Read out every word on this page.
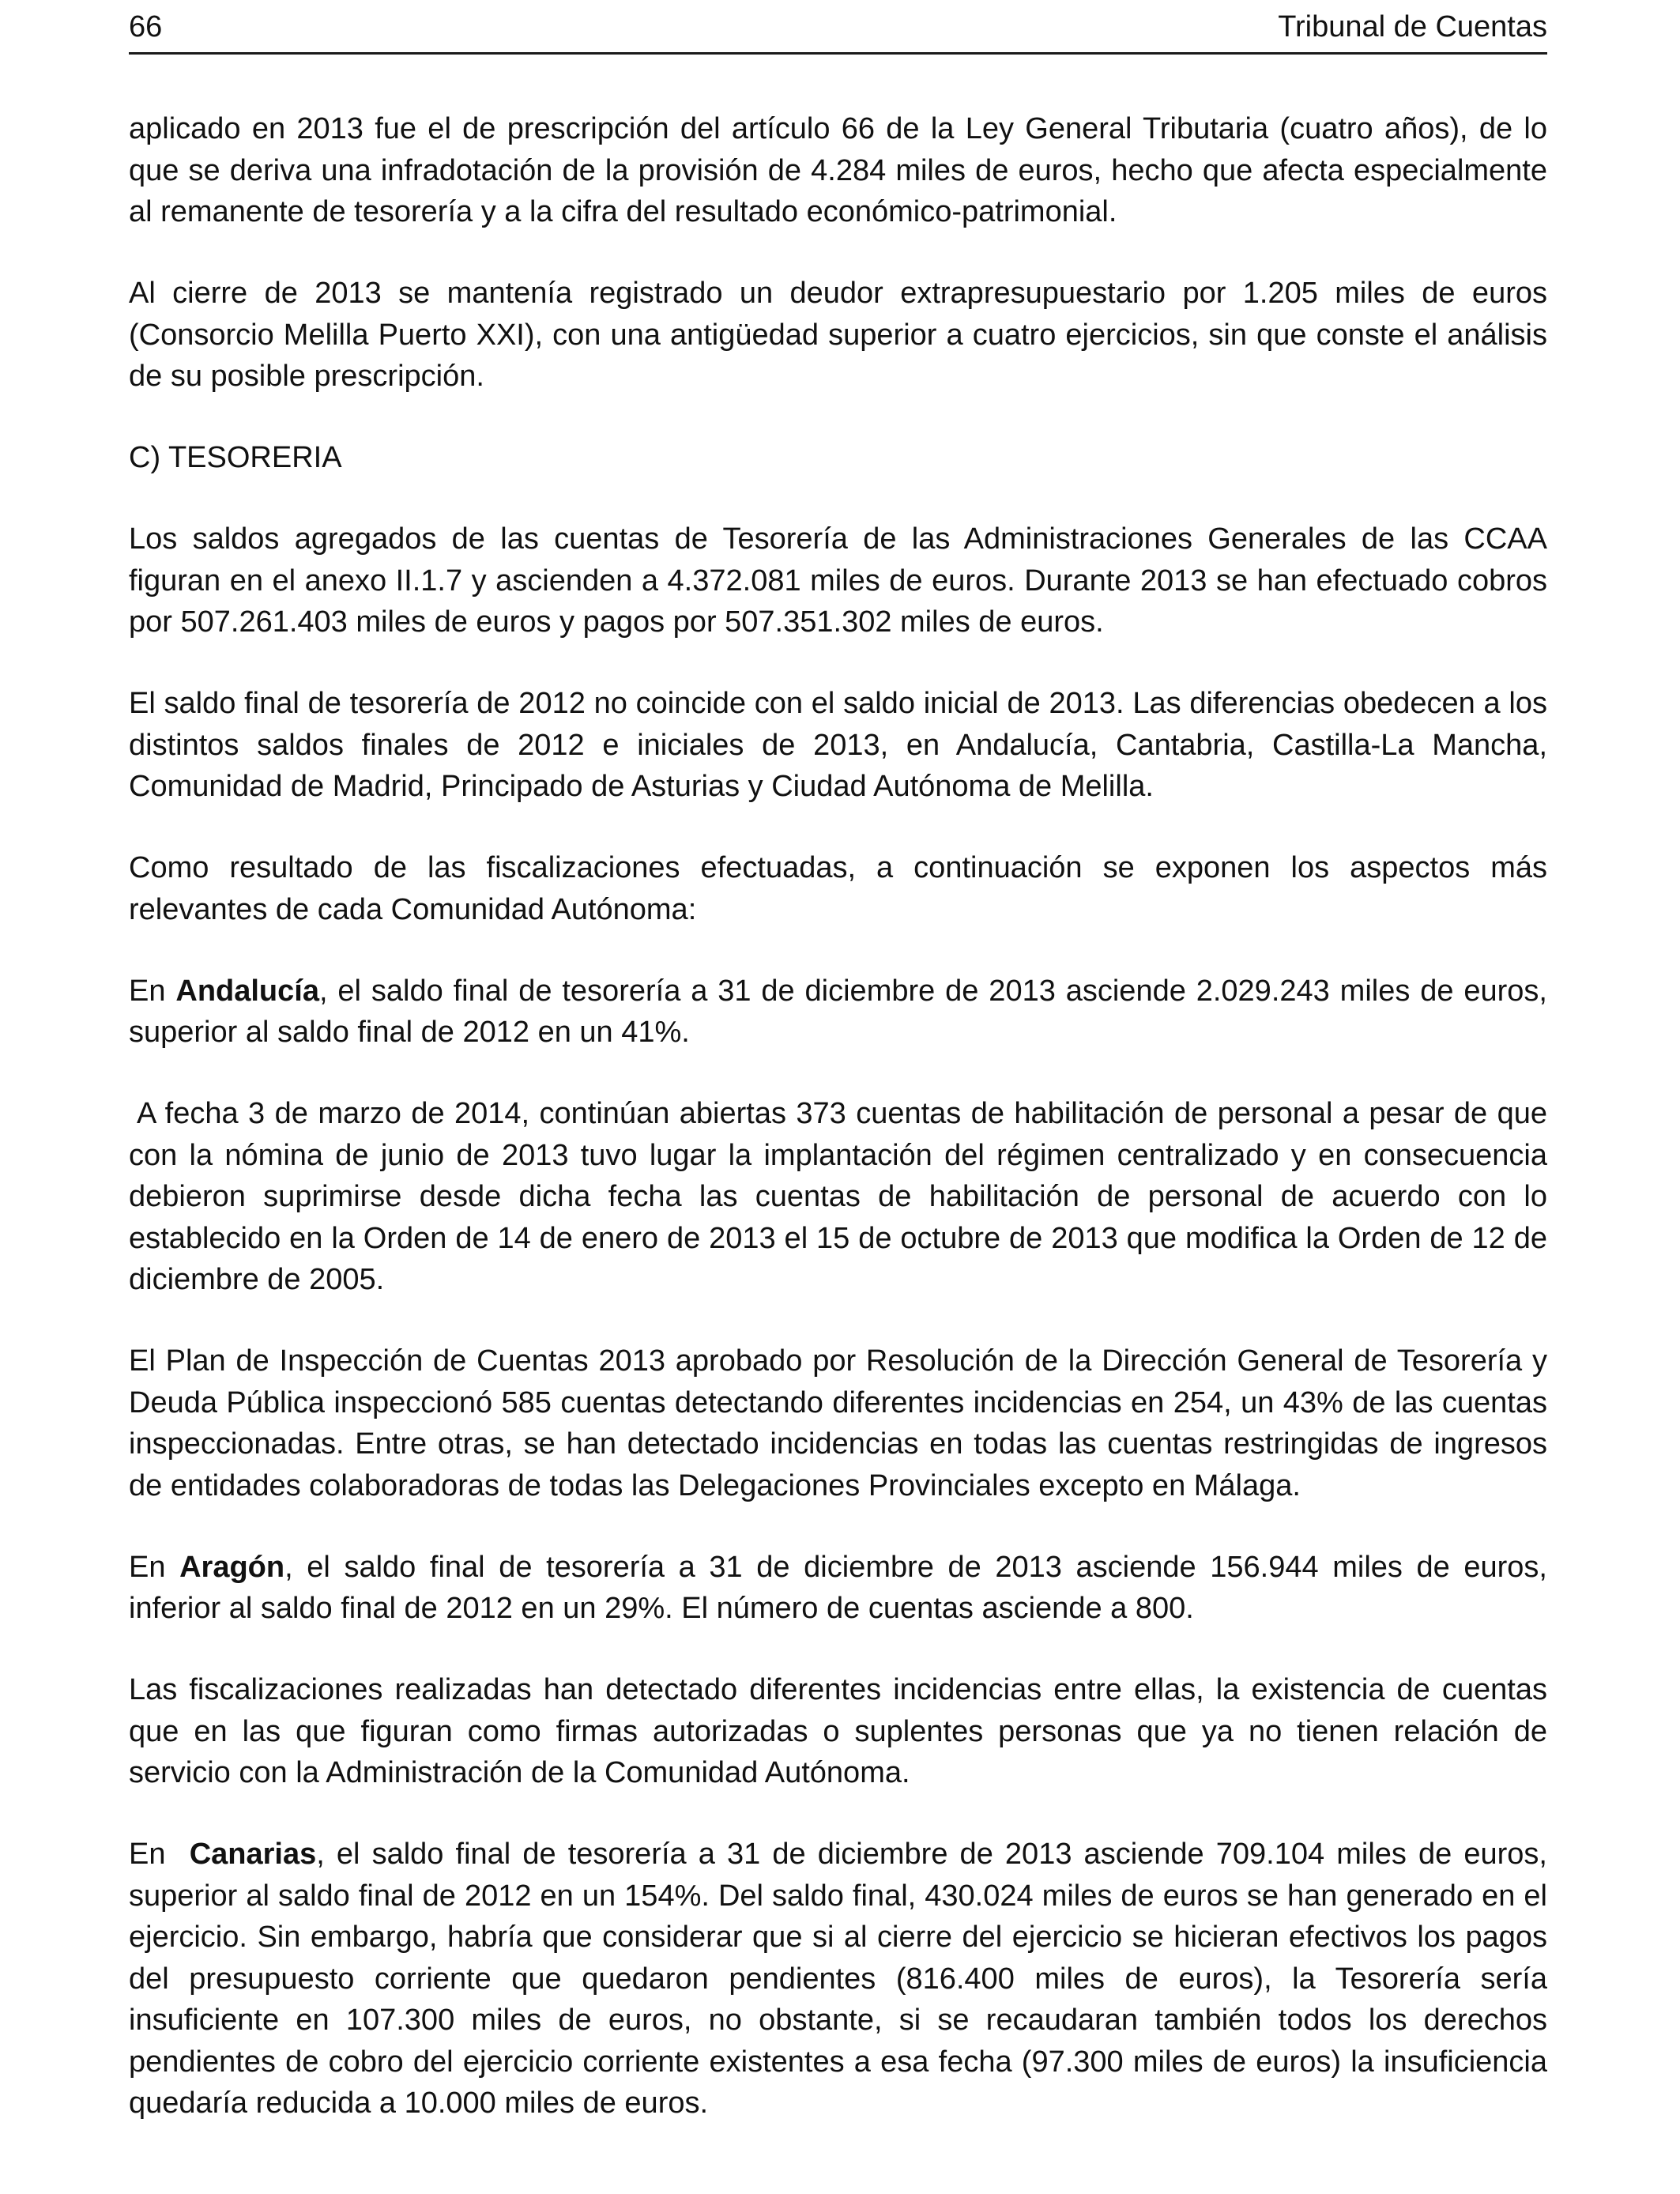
66	Tribunal de Cuentas

aplicado en 2013 fue el de prescripción del artículo 66 de la Ley General Tributaria (cuatro años), de lo que se deriva una infradotación de la provisión de 4.284 miles de euros, hecho que afecta especialmente al remanente de tesorería y a la cifra del resultado económico-patrimonial.

Al cierre de 2013 se mantenía registrado un deudor extrapresupuestario por 1.205 miles de euros (Consorcio Melilla Puerto XXI), con una antigüedad superior a cuatro ejercicios, sin que conste el análisis de su posible prescripción.

C) TESORERIA

Los saldos agregados de las cuentas de Tesorería de las Administraciones Generales de las CCAA figuran en el anexo II.1.7 y ascienden a 4.372.081 miles de euros. Durante 2013 se han efectuado cobros por 507.261.403 miles de euros y pagos por 507.351.302 miles de euros.

El saldo final de tesorería de 2012 no coincide con el saldo inicial de 2013. Las diferencias obedecen a los distintos saldos finales de 2012 e iniciales de 2013, en Andalucía, Cantabria, Castilla-La Mancha, Comunidad de Madrid, Principado de Asturias y Ciudad Autónoma de Melilla.

Como resultado de las fiscalizaciones efectuadas, a continuación se exponen los aspectos más relevantes de cada Comunidad Autónoma:

En Andalucía, el saldo final de tesorería a 31 de diciembre de 2013 asciende 2.029.243 miles de euros, superior al saldo final de 2012 en un 41%.

A fecha 3 de marzo de 2014, continúan abiertas 373 cuentas de habilitación de personal a pesar de que con la nómina de junio de 2013 tuvo lugar la implantación del régimen centralizado y en consecuencia debieron suprimirse desde dicha fecha las cuentas de habilitación de personal de acuerdo con lo establecido en la Orden de 14 de enero de 2013 el 15 de octubre de 2013 que modifica la Orden de 12 de diciembre de 2005.

El Plan de Inspección de Cuentas 2013 aprobado por Resolución de la Dirección General de Tesorería y Deuda Pública inspeccionó 585 cuentas detectando diferentes incidencias en 254, un 43% de las cuentas inspeccionadas. Entre otras, se han detectado incidencias en todas las cuentas restringidas de ingresos de entidades colaboradoras de todas las Delegaciones Provinciales excepto en Málaga.

En Aragón, el saldo final de tesorería a 31 de diciembre de 2013 asciende 156.944 miles de euros, inferior al saldo final de 2012 en un 29%. El número de cuentas asciende a 800.

Las fiscalizaciones realizadas han detectado diferentes incidencias entre ellas, la existencia de cuentas que en las que figuran como firmas autorizadas o suplentes personas que ya no tienen relación de servicio con la Administración de la Comunidad Autónoma.

En  Canarias, el saldo final de tesorería a 31 de diciembre de 2013 asciende 709.104 miles de euros, superior al saldo final de 2012 en un 154%. Del saldo final, 430.024 miles de euros se han generado en el ejercicio. Sin embargo, habría que considerar que si al cierre del ejercicio se hicieran efectivos los pagos del presupuesto corriente que quedaron pendientes (816.400 miles de euros), la Tesorería sería insuficiente en 107.300 miles de euros, no obstante, si se recaudaran también todos los derechos pendientes de cobro del ejercicio corriente existentes a esa fecha (97.300 miles de euros) la insuficiencia quedaría reducida a 10.000 miles de euros.
